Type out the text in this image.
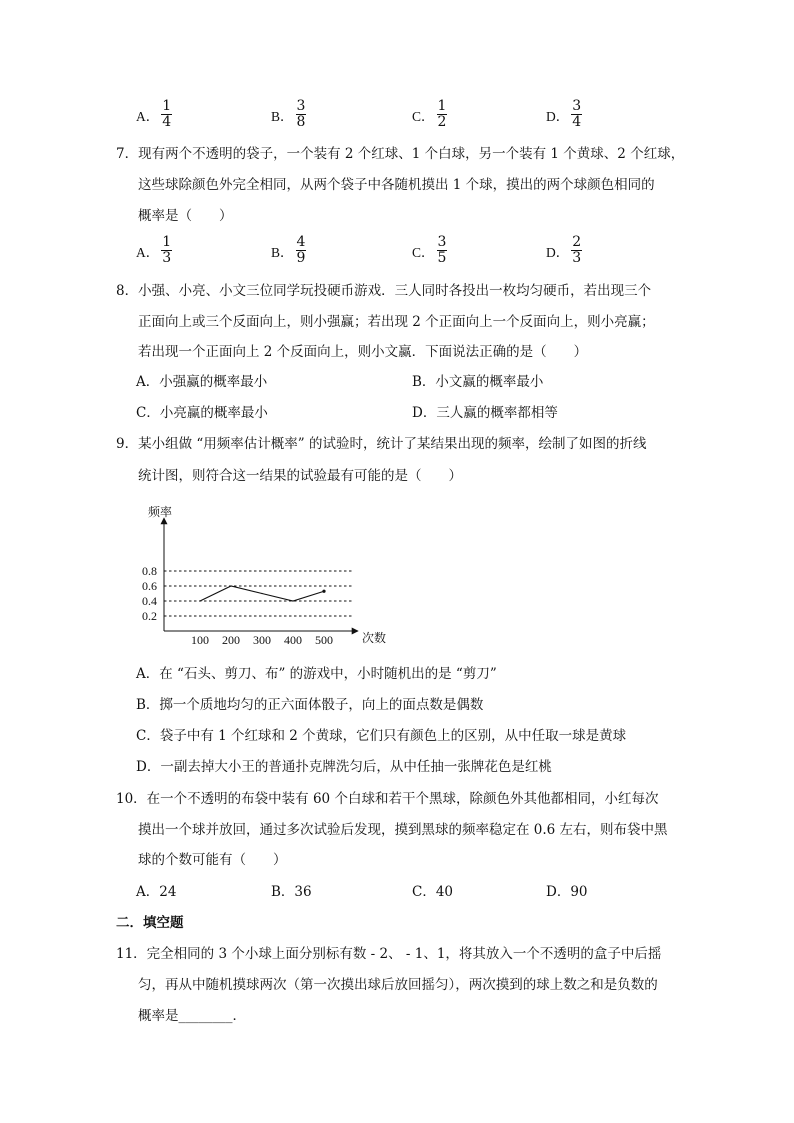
A． $\frac{1}{4}$	B． $\frac{3}{8}$	C． $\frac{1}{2}$	D． $\frac{3}{4}$
7．现有两个不透明的袋子，一个装有 2 个红球、1 个白球，另一个装有 1 个黄球、2 个红球，
这些球除颜色外完全相同，从两个袋子中各随机摸出 1 个球，摸出的两个球颜色相同的
概率是（　　）
A． $\frac{1}{3}$	B． $\frac{4}{9}$	C． $\frac{3}{5}$	D． $\frac{2}{3}$
8．小强、小亮、小文三位同学玩投硬币游戏．三人同时各投出一枚均匀硬币，若出现三个
正面向上或三个反面向上，则小强赢；若出现 2 个正面向上一个反面向上，则小亮赢；
若出现一个正面向上 2 个反面向上，则小文赢．下面说法正确的是（　　）
A．小强赢的概率最小	B．小文赢的概率最小
C．小亮赢的概率最小	D．三人赢的概率都相等
9．某小组做 “用频率估计概率” 的试验时，统计了某结果出现的频率，绘制了如图的折线
统计图，则符合这一结果的试验最有可能的是（　　）
频率
次数
0.2
0.4
0.6
0.8
100 200 300 400 500
A．在 “石头、剪刀、布” 的游戏中，小时随机出的是 “剪刀”
B．掷一个质地均匀的正六面体骰子，向上的面点数是偶数
C．袋子中有 1 个红球和 2 个黄球，它们只有颜色上的区别，从中任取一球是黄球
D．一副去掉大小王的普通扑克牌洗匀后，从中任抽一张牌花色是红桃
10．在一个不透明的布袋中装有 60 个白球和若干个黑球，除颜色外其他都相同，小红每次
摸出一个球并放回，通过多次试验后发现，摸到黑球的频率稳定在 0.6 左右，则布袋中黑
球的个数可能有（　　）
A．24	B．36	C．40	D．90
二．填空题
11．完全相同的 3 个小球上面分别标有数 - 2、 - 1、1，将其放入一个不透明的盒子中后摇
匀，再从中随机摸球两次（第一次摸出球后放回摇匀），两次摸到的球上数之和是负数的
概率是________．
